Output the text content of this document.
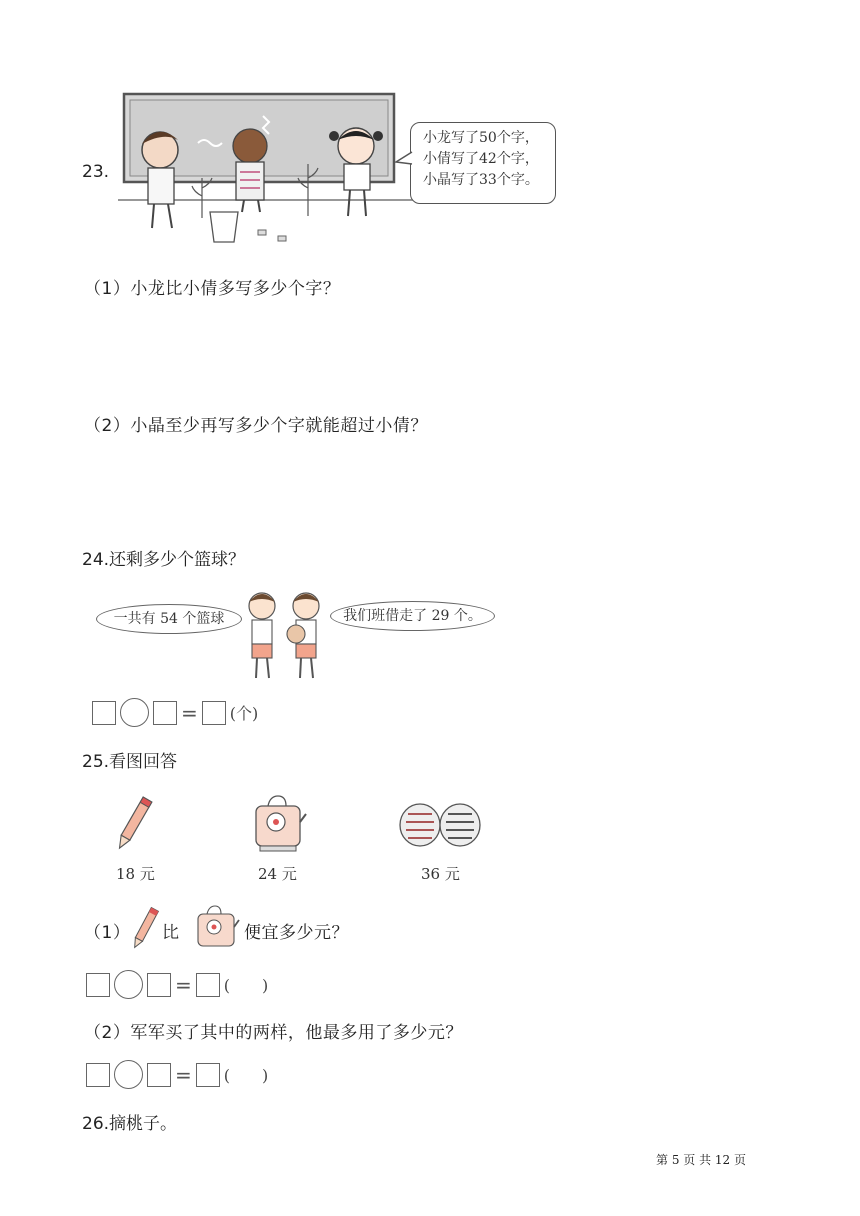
23.
小龙写了50个字，
小倩写了42个字，
小晶写了33个字。
（1）小龙比小倩多写多少个字？
（2）小晶至少再写多少个字就能超过小倩？
24.还剩多少个篮球？
一共有 54 个篮球	我们班借走了 29 个。
= (个)
25.看图回答
18 元	24 元	36 元
（1） 比	便宜多少元？
= (　　)
（2）军军买了其中的两样，他最多用了多少元？
= (　　)
26.摘桃子。
第 5 页 共 12 页
